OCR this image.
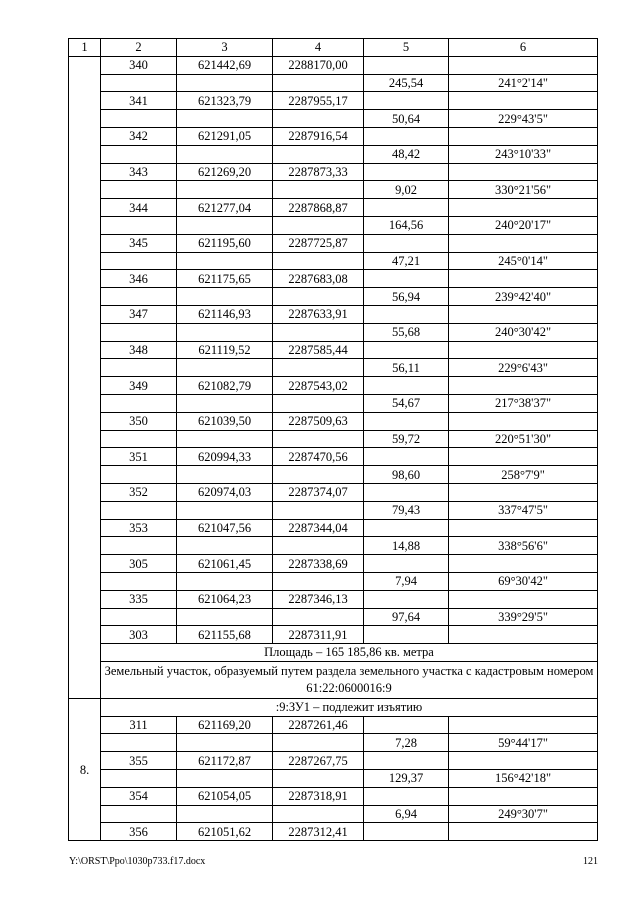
1	2	3	4	5	6
	340	621442,69	2288170,00		
				245,54	241°2'14"
	341	621323,79	2287955,17		
				50,64	229°43'5"
	342	621291,05	2287916,54		
				48,42	243°10'33"
	343	621269,20	2287873,33		
				9,02	330°21'56"
	344	621277,04	2287868,87		
				164,56	240°20'17"
	345	621195,60	2287725,87		
				47,21	245°0'14"
	346	621175,65	2287683,08		
				56,94	239°42'40"
	347	621146,93	2287633,91		
				55,68	240°30'42"
	348	621119,52	2287585,44		
				56,11	229°6'43"
	349	621082,79	2287543,02		
				54,67	217°38'37"
	350	621039,50	2287509,63		
				59,72	220°51'30"
	351	620994,33	2287470,56		
				98,60	258°7'9"
	352	620974,03	2287374,07		
				79,43	337°47'5"
	353	621047,56	2287344,04		
				14,88	338°56'6"
	305	621061,45	2287338,69		
				7,94	69°30'42"
	335	621064,23	2287346,13		
				97,64	339°29'5"
	303	621155,68	2287311,91		
	Площадь – 165 185,86 кв. метра				
	Земельный участок, образуемый путем раздела земельного участка с кадастровым номером 61:22:0600016:9				
8.	:9:ЗУ1 – подлежит изъятию				
	311	621169,20	2287261,46		
				7,28	59°44'17"
	355	621172,87	2287267,75		
				129,37	156°42'18"
	354	621054,05	2287318,91		
				6,94	249°30'7"
	356	621051,62	2287312,41		
Y:\ORST\Ppo\1030p733.f17.docx	121
